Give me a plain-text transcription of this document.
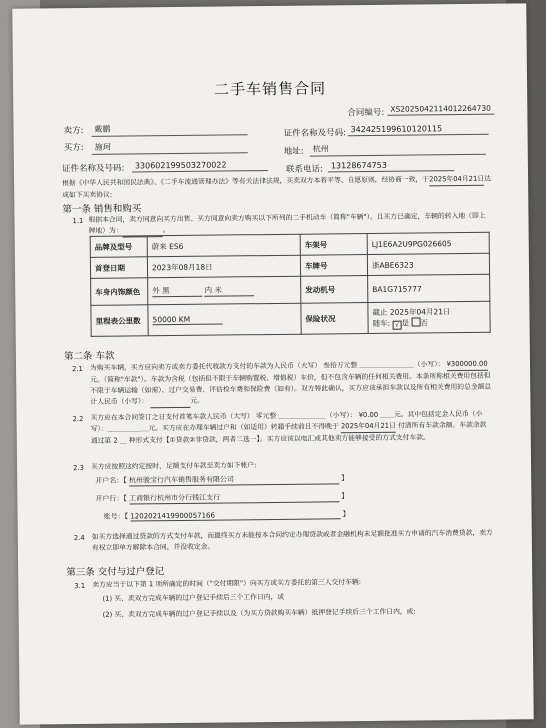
二手车销售合同
合同编号: XS2025042114012264730
卖方:	戴鹏	证件名称及号码: 342425199610120115
买方:	施珂	地址:	杭州
证件名称及号码:	330602199503270022	联系电话: 13128674753
根据《中华人民共和国民法典》、《二手车流通管理办法》等有关法律法规，买卖双方本着平等、自愿原则，经协商一致，于2025年04月21日达成如下买卖协议:
第一条 销售和购买
1.1 根据本合同，卖方同意向买方出售、买方同意向卖方购买以下所列的二手机动车（简称"车辆"）。且买方已确定，车辆的转入地（即上牌地）为：	。
品牌及型号	蔚来 ES6	车架号	LJ1E6A2U9PG026605
首登日期	2023年08月18日	车牌号	浙ABE6323
车身内饰颜色	外 黑 内 米	发动机号	BA1G715777
里程表公里数	50000 KM	保险状况	截止 2025年04月21日
随车: √ 是 否
第二条 车款
2.1 为购买车辆，买方应向卖方或卖方委托代收款方支付的车款为人民币（大写） 叁拾万元整 ＿＿＿＿＿＿＿＿（小写）： ¥300000.00 元。（简称"车款"）。车款为含税（包括但不限于车辆购置税、增值税）车价，但不包含车辆的任何相关费用。本条所称相关费用包括但不限于车辆运输（如需）、过户交易费、评估检车费和保险费（如有）。双方特此确认，买方应该承担车款以及所有相关费用的总金额总计人民币（小写）：	元。
2.2 买方应在本合同签订之日支付首笔车款人民币（大写） 零元整 ＿＿＿＿＿＿＿（小写）： ¥0.00 ＿＿元。其中包括定金人民币（小写）：＿＿＿＿＿＿元。买方应在办理车辆过户和（如适用）转籍手续前且不得晚于 2025年04月21日 付清所有车款余额。车款余款通过第 2 ＿ 种形式支付【①贷款②非贷款，两者二选一】。买方应该以电汇或其他卖方能够接受的方式支付车款。
2.3 买方应按照这约定按时、足额支付车款至卖方如下帐户:
开户名：【 杭州骏宝行汽车销售服务有限公司	】
开户行：【 工商银行杭州市分行钱江支行	】
账号：【 1202021419900057166	】
2.4 如买方选择通过贷款的方式支付车款，而最终买方未能按本合同约定办理贷款或者金融机构未足额批准买方申请的汽车消费贷款，卖方有权立即单方解除本合同，并没收定金。
第三条 交付与过户登记
3.1 卖方应当于以下第 1 项所确定的时间（"交付期限"）向买方或买方委托的第三人交付车辆:
(1) 买、卖双方完成车辆的过户登记手续后三个工作日内，或
(2) 买、卖双方完成车辆的过户登记手续以及（为买方贷款购买车辆）抵押登记手续后三个工作日内，或:
